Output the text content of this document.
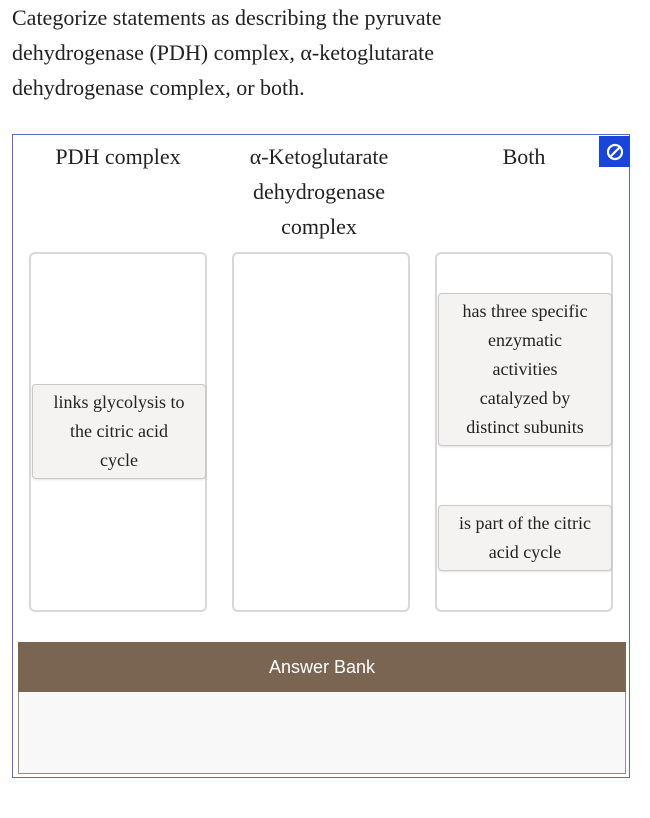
Categorize statements as describing the pyruvate
dehydrogenase (PDH) complex, α-ketoglutarate
dehydrogenase complex, or both.
PDH complex	α-Ketoglutarate
dehydrogenase
complex
Both
links glycolysis to
the citric acid
cycle
has three specific
enzymatic
activities
catalyzed by
distinct subunits
is part of the citric
acid cycle
Answer Bank
